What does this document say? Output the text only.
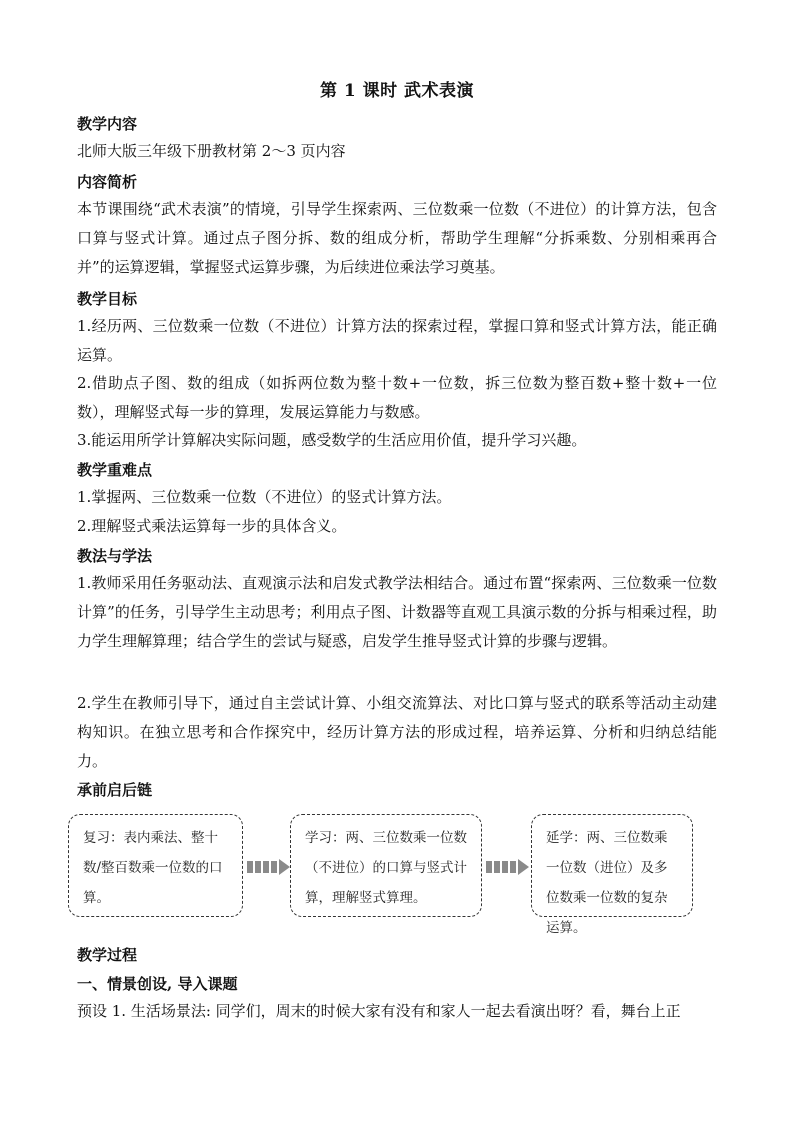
第 1 课时 武术表演
教学内容
北师大版三年级下册教材第 2～3 页内容
内容简析
本节课围绕“武术表演”的情境，引导学生探索两、三位数乘一位数（不进位）的计算方法，包含口算与竖式计算。通过点子图分拆、数的组成分析，帮助学生理解“分拆乘数、分别相乘再合并”的运算逻辑，掌握竖式运算步骤，为后续进位乘法学习奠基。
教学目标
1.经历两、三位数乘一位数（不进位）计算方法的探索过程，掌握口算和竖式计算方法，能正确运算。
2.借助点子图、数的组成（如拆两位数为整十数+一位数，拆三位数为整百数+整十数+一位数），理解竖式每一步的算理，发展运算能力与数感。
3.能运用所学计算解决实际问题，感受数学的生活应用价值，提升学习兴趣。
教学重难点
1.掌握两、三位数乘一位数（不进位）的竖式计算方法。
2.理解竖式乘法运算每一步的具体含义。
教法与学法
1.教师采用任务驱动法、直观演示法和启发式教学法相结合。通过布置“探索两、三位数乘一位数计算”的任务，引导学生主动思考；利用点子图、计数器等直观工具演示数的分拆与相乘过程，助力学生理解算理；结合学生的尝试与疑惑，启发学生推导竖式计算的步骤与逻辑。
2.学生在教师引导下，通过自主尝试计算、小组交流算法、对比口算与竖式的联系等活动主动建构知识。在独立思考和合作探究中，经历计算方法的形成过程，培养运算、分析和归纳总结能力。
承前启后链
复习：表内乘法、整十数/整百数乘一位数的口算。
学习：两、三位数乘一位数（不进位）的口算与竖式计算，理解竖式算理。
延学：两、三位数乘一位数（进位）及多位数乘一位数的复杂运算。
教学过程
一、情景创设, 导入课题
预设 1. 生活场景法: 同学们，周末的时候大家有没有和家人一起去看演出呀？看，舞台上正
